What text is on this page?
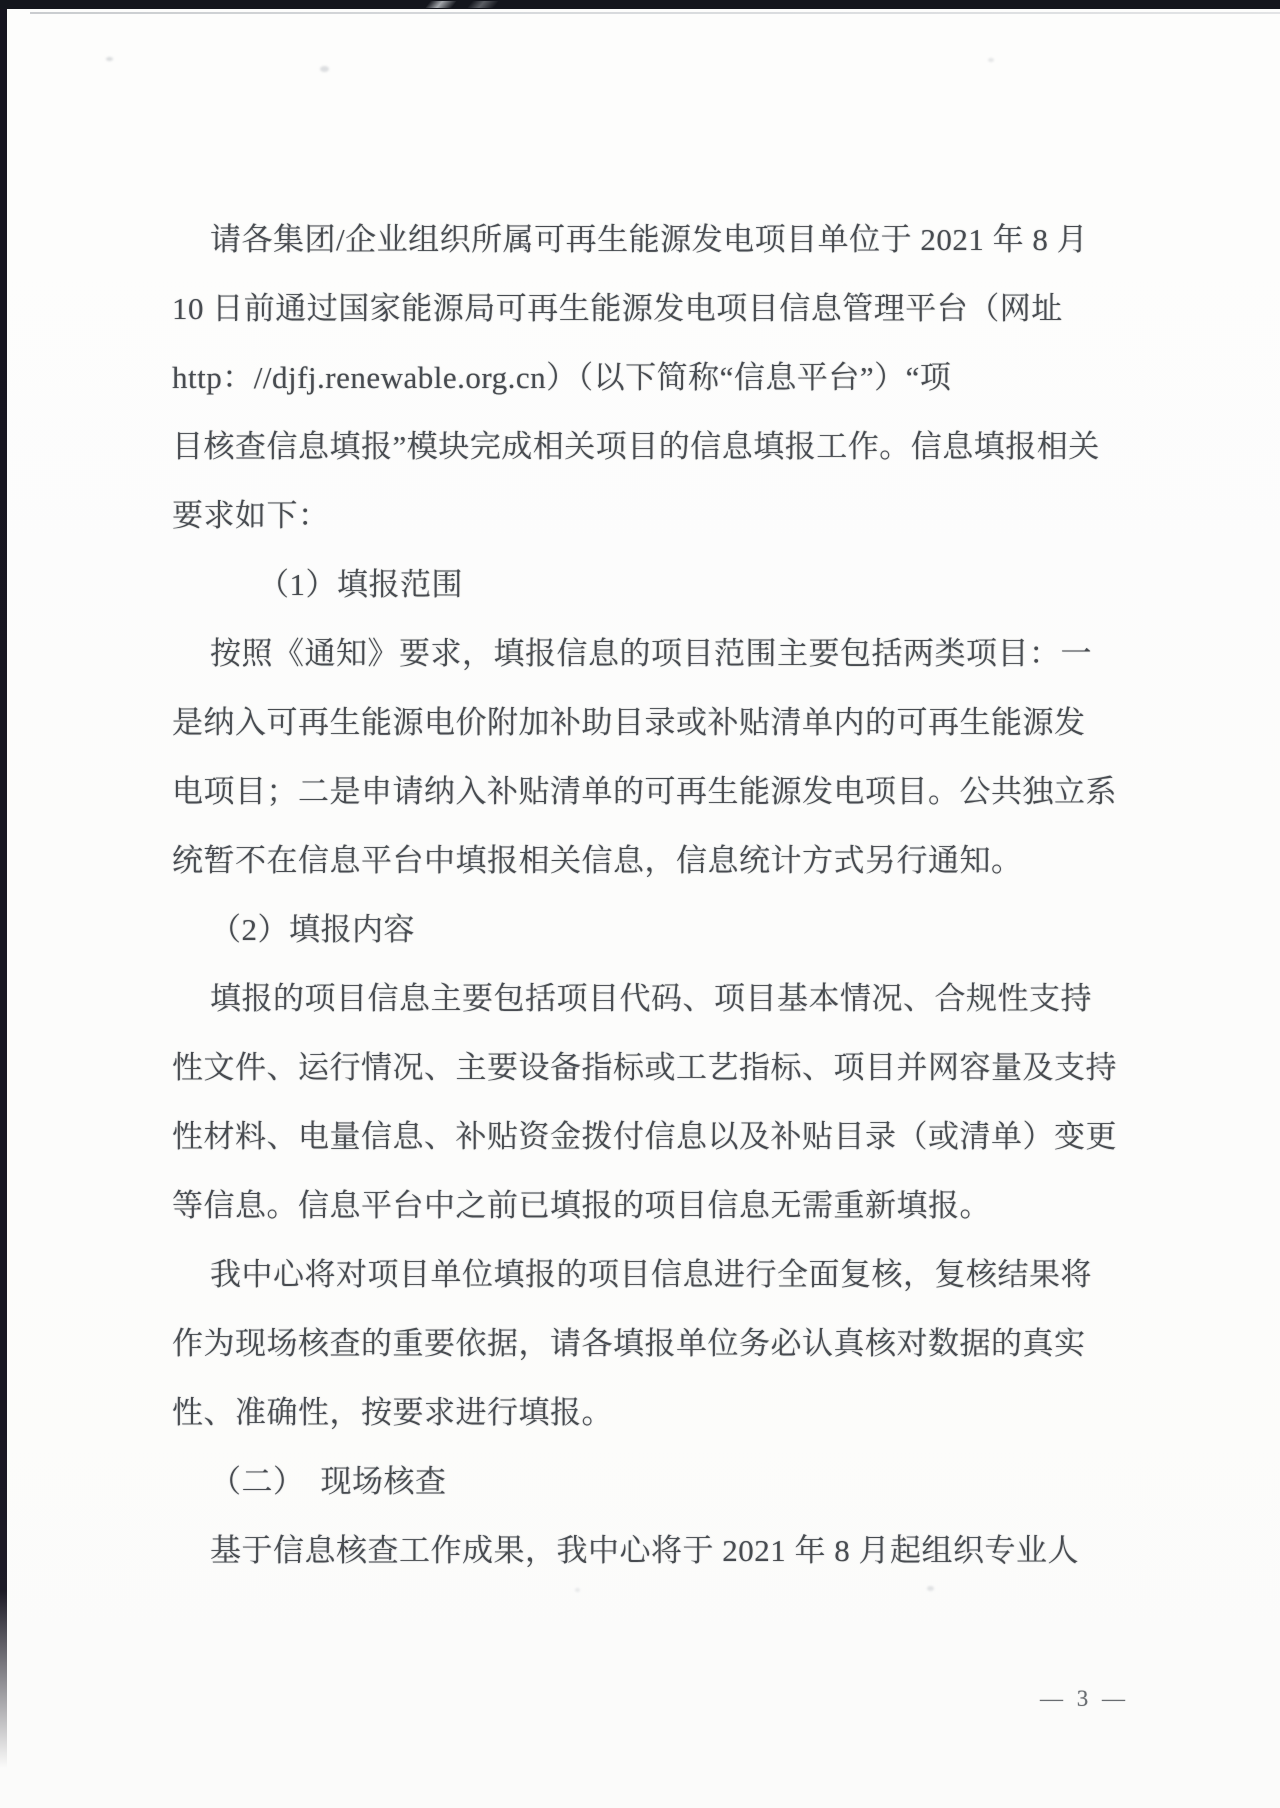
请各集团/企业组织所属可再生能源发电项目单位于 2021 年 8 月

10 日前通过国家能源局可再生能源发电项目信息管理平台（网址

http：//djfj.renewable.org.cn）（以下简称“信息平台”）“项

目核查信息填报”模块完成相关项目的信息填报工作。信息填报相关

要求如下：

（1）填报范围

按照《通知》要求，填报信息的项目范围主要包括两类项目：一

是纳入可再生能源电价附加补助目录或补贴清单内的可再生能源发

电项目；二是申请纳入补贴清单的可再生能源发电项目。公共独立系

统暂不在信息平台中填报相关信息，信息统计方式另行通知。

（2）填报内容

填报的项目信息主要包括项目代码、项目基本情况、合规性支持

性文件、运行情况、主要设备指标或工艺指标、项目并网容量及支持

性材料、电量信息、补贴资金拨付信息以及补贴目录（或清单）变更

等信息。信息平台中之前已填报的项目信息无需重新填报。

我中心将对项目单位填报的项目信息进行全面复核，复核结果将

作为现场核查的重要依据，请各填报单位务必认真核对数据的真实

性、准确性，按要求进行填报。

（二）　现场核查

基于信息核查工作成果，我中心将于 2021 年 8 月起组织专业人

— 3 —
